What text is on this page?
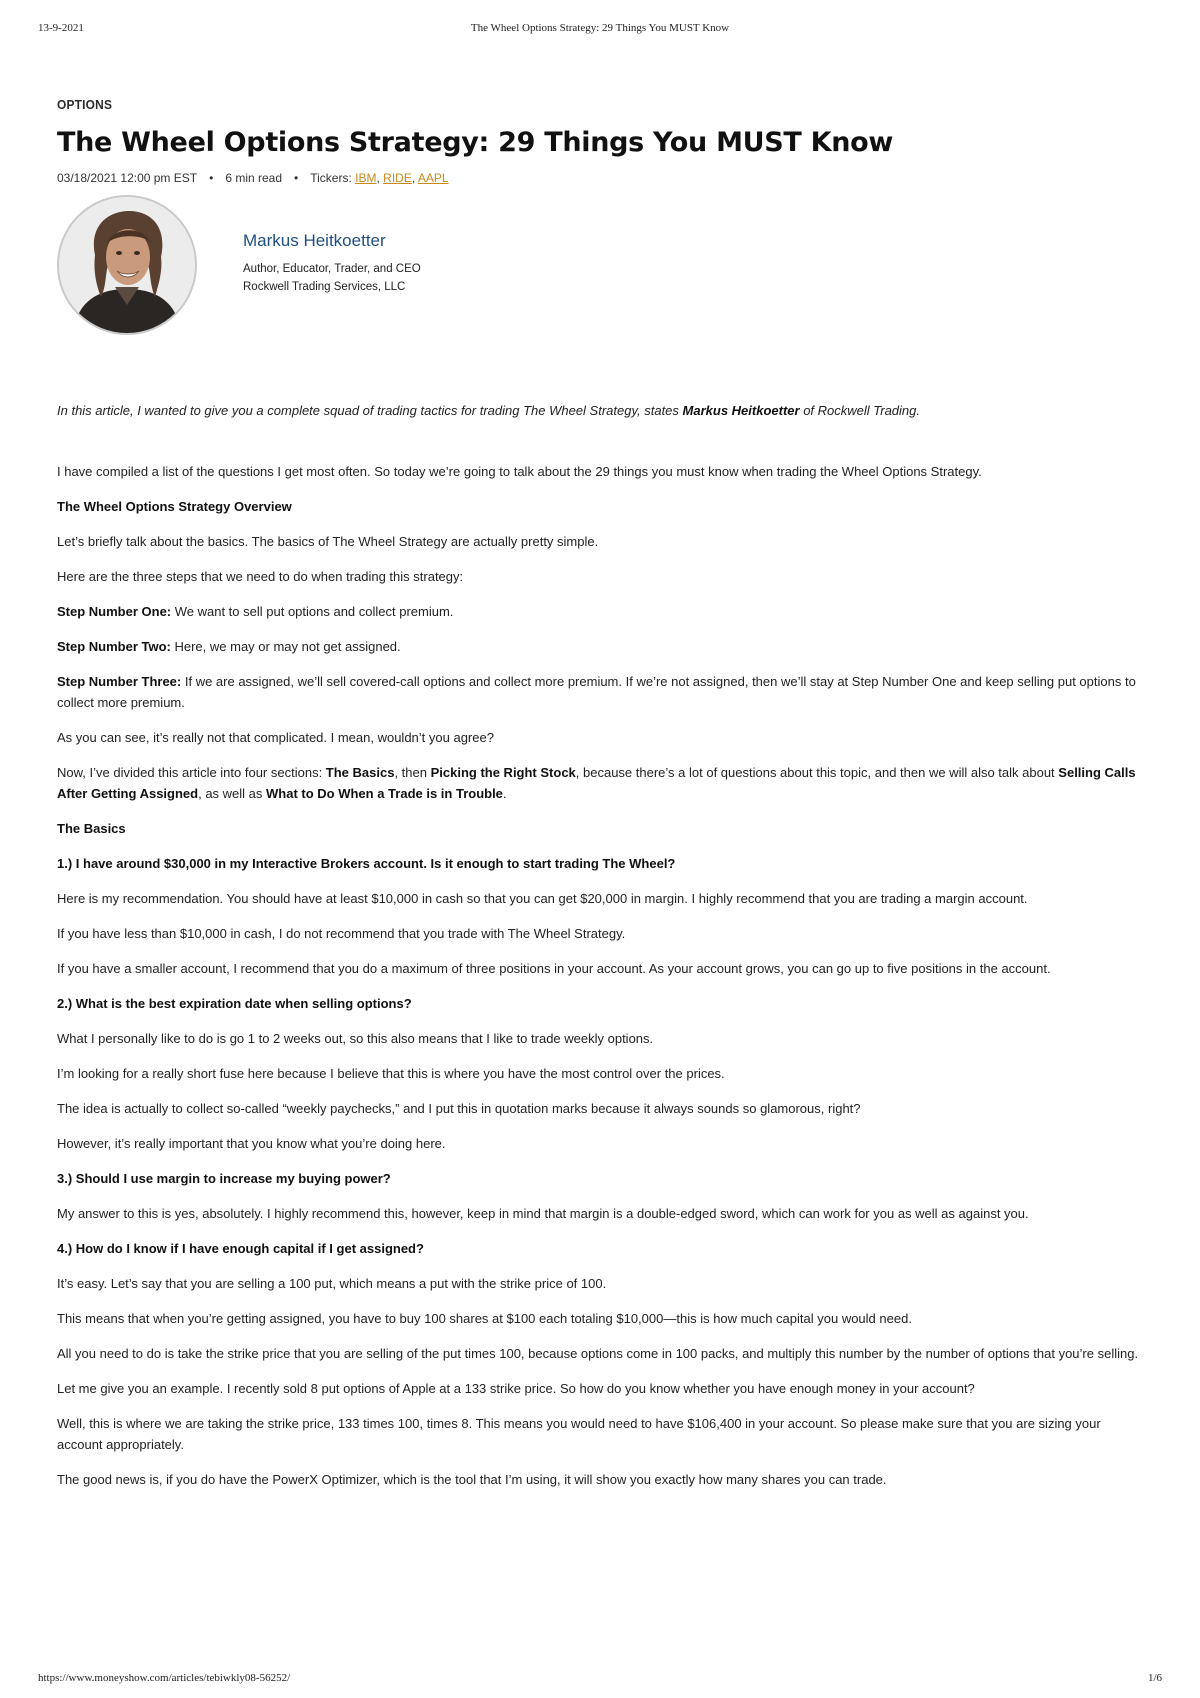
13-9-2021	The Wheel Options Strategy: 29 Things You MUST Know
OPTIONS
The Wheel Options Strategy: 29 Things You MUST Know
03/18/2021 12:00 pm EST • 6 min read • Tickers: IBM, RIDE, AAPL

Markus Heitkoetter

Author, Educator, Trader, and CEO

Rockwell Trading Services, LLC

In this article, I wanted to give you a complete squad of trading tactics for trading The Wheel Strategy, states Markus Heitkoetter of Rockwell Trading.

I have compiled a list of the questions I get most often. So today we’re going to talk about the 29 things you must know when trading the Wheel Options Strategy.

The Wheel Options Strategy Overview

Let’s briefly talk about the basics. The basics of The Wheel Strategy are actually pretty simple.

Here are the three steps that we need to do when trading this strategy:

Step Number One: We want to sell put options and collect premium.

Step Number Two: Here, we may or may not get assigned.

Step Number Three: If we are assigned, we’ll sell covered-call options and collect more premium. If we’re not assigned, then we’ll stay at Step Number One and keep selling put options to collect more premium.

As you can see, it’s really not that complicated. I mean, wouldn’t you agree?

Now, I’ve divided this article into four sections: The Basics, then Picking the Right Stock, because there’s a lot of questions about this topic, and then we will also talk about Selling Calls After Getting Assigned, as well as What to Do When a Trade is in Trouble.

The Basics

1.) I have around $30,000 in my Interactive Brokers account. Is it enough to start trading The Wheel?

Here is my recommendation. You should have at least $10,000 in cash so that you can get $20,000 in margin. I highly recommend that you are trading a margin account.

If you have less than $10,000 in cash, I do not recommend that you trade with The Wheel Strategy.

If you have a smaller account, I recommend that you do a maximum of three positions in your account. As your account grows, you can go up to five positions in the account.

2.) What is the best expiration date when selling options?

What I personally like to do is go 1 to 2 weeks out, so this also means that I like to trade weekly options.

I’m looking for a really short fuse here because I believe that this is where you have the most control over the prices.

The idea is actually to collect so-called “weekly paychecks,” and I put this in quotation marks because it always sounds so glamorous, right?

However, it’s really important that you know what you’re doing here.

3.) Should I use margin to increase my buying power?

My answer to this is yes, absolutely. I highly recommend this, however, keep in mind that margin is a double-edged sword, which can work for you as well as against you.

4.) How do I know if I have enough capital if I get assigned?

It’s easy. Let’s say that you are selling a 100 put, which means a put with the strike price of 100.

This means that when you’re getting assigned, you have to buy 100 shares at $100 each totaling $10,000—this is how much capital you would need.

All you need to do is take the strike price that you are selling of the put times 100, because options come in 100 packs, and multiply this number by the number of options that you’re selling.

Let me give you an example. I recently sold 8 put options of Apple at a 133 strike price. So how do you know whether you have enough money in your account?

Well, this is where we are taking the strike price, 133 times 100, times 8. This means you would need to have $106,400 in your account. So please make sure that you are sizing your account appropriately.

The good news is, if you do have the PowerX Optimizer, which is the tool that I’m using, it will show you exactly how many shares you can trade.

https://www.moneyshow.com/articles/tebiwkly08-56252/	1/6
